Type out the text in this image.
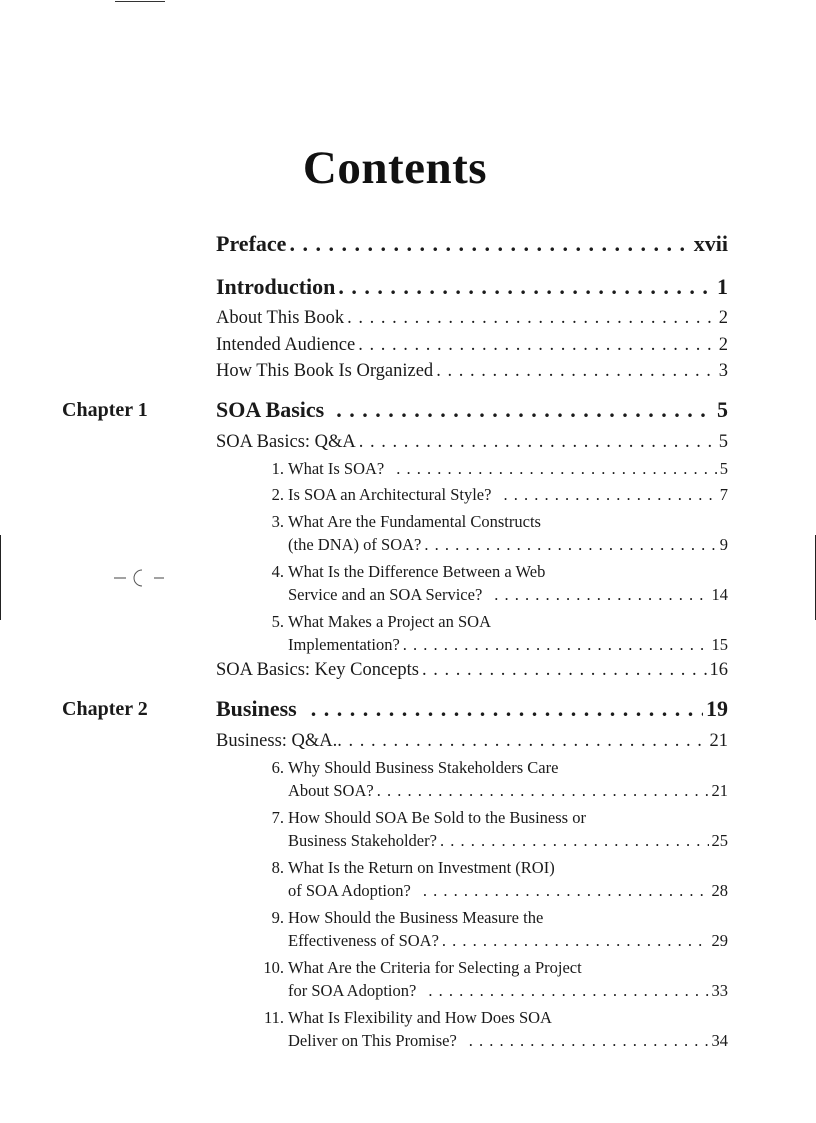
Contents
Preface . . .	xvii
Introduction . . .	1
About This Book . . .	2
Intended Audience . . .	2
How This Book Is Organized . . .	3
Chapter 1	SOA Basics . . .	5
SOA Basics: Q&A . . .	5
1. What Is SOA? . . .	5
2. Is SOA an Architectural Style? . . .	7
3. What Are the Fundamental Constructs
(the DNA) of SOA? . . .	9
4. What Is the Difference Between a Web
Service and an SOA Service? . . .	14
5. What Makes a Project an SOA
Implementation? . . .	15
SOA Basics: Key Concepts . . .	16
Chapter 2	Business . . .	19
Business: Q&A. . . .	21
6. Why Should Business Stakeholders Care
About SOA? . . .	21
7. How Should SOA Be Sold to the Business or
Business Stakeholder? . . .	25
8. What Is the Return on Investment (ROI)
of SOA Adoption? . . .	28
9. How Should the Business Measure the
Effectiveness of SOA? . . .	29
10. What Are the Criteria for Selecting a Project
for SOA Adoption? . . .	33
11. What Is Flexibility and How Does SOA
Deliver on This Promise? . . .	34
